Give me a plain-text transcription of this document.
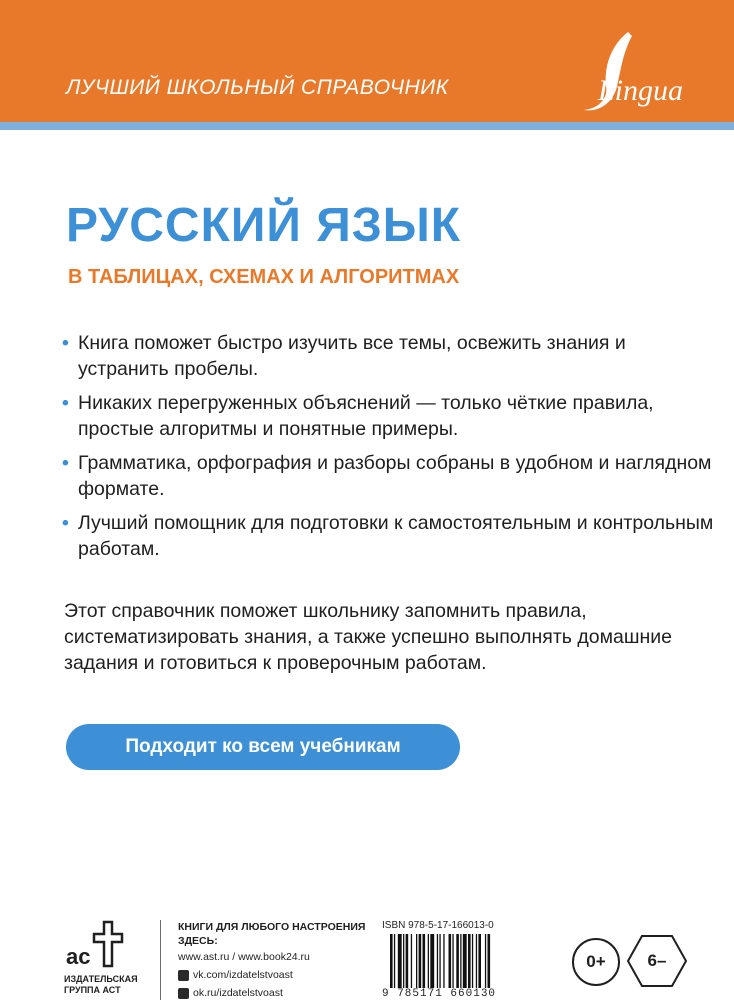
ЛУЧШИЙ ШКОЛЬНЫЙ СПРАВОЧНИК	Lingua
РУССКИЙ ЯЗЫК
В ТАБЛИЦАХ, СХЕМАХ И АЛГОРИТМАХ
• Книга поможет быстро изучить все темы, освежить знания и устранить пробелы.
• Никаких перегруженных объяснений — только чёткие правила, простые алгоритмы и понятные примеры.
• Грамматика, орфография и разборы собраны в удобном и наглядном формате.
• Лучший помощник для подготовки к самостоятельным и контрольным работам.
Этот справочник поможет школьнику запомнить правила, систематизировать знания, а также успешно выполнять домашние задания и готовиться к проверочным работам.
Подходит ко всем учебникам
ac
ИЗДАТЕЛЬСКАЯ ГРУППА АСТ
КНИГИ ДЛЯ ЛЮБОГО НАСТРОЕНИЯ ЗДЕСЬ:
www.ast.ru / www.book24.ru
vk.com/izdatelstvoast
ok.ru/izdatelstvoast
ISBN 978-5-17-166013-0
9 785171 660130
0+	6–
